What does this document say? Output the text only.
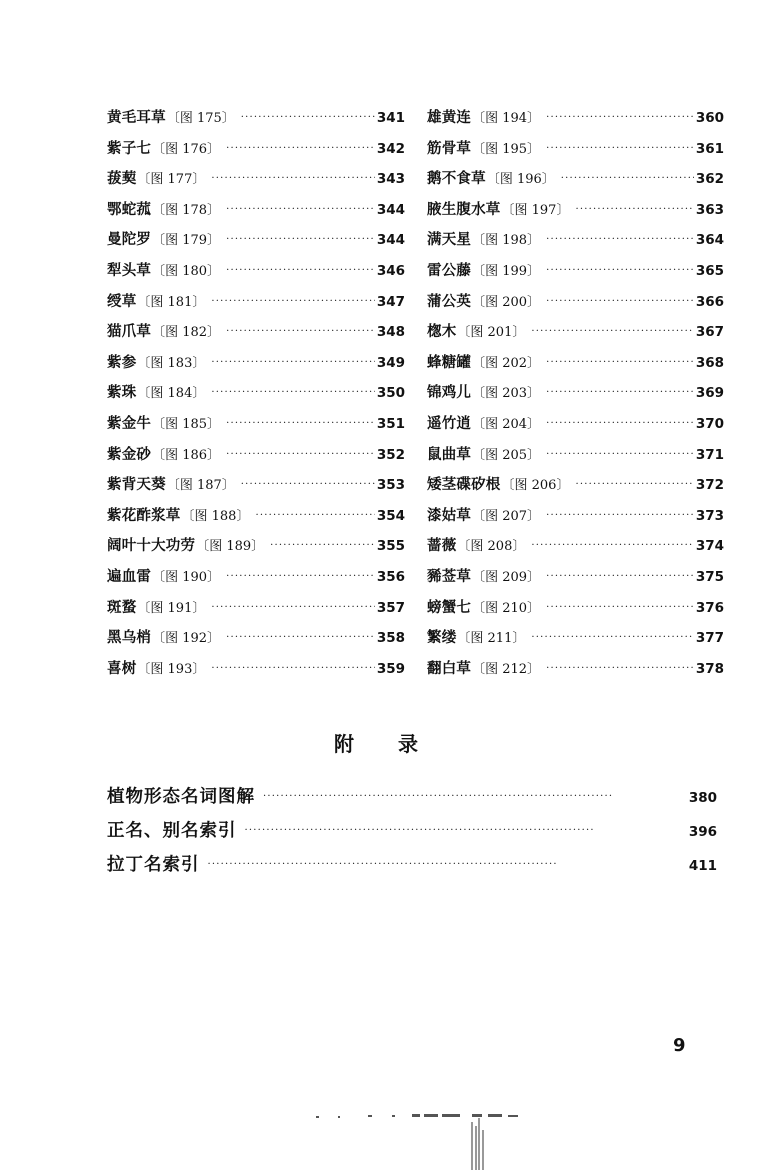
黄毛耳草 〔图 175〕 ·····	341
紫子七 〔图 176〕 ·····	342
菝葜 〔图 177〕 ·····	343
鄂蛇菰 〔图 178〕 ·····	344
曼陀罗 〔图 179〕 ·····	344
犁头草 〔图 180〕 ·····	346
绶草 〔图 181〕 ·····	347
猫爪草 〔图 182〕 ·····	348
紫参 〔图 183〕 ·····	349
紫珠 〔图 184〕 ·····	350
紫金牛 〔图 185〕 ·····	351
紫金砂 〔图 186〕 ·····	352
紫背天葵 〔图 187〕 ·····	353
紫花酢浆草 〔图 188〕 ·····	354
阔叶十大功劳 〔图 189〕 ·····	355
遍血雷 〔图 190〕 ·····	356
斑蝥 〔图 191〕 ·····	357
黑乌梢 〔图 192〕 ·····	358
喜树 〔图 193〕 ·····	359
雄黄连 〔图 194〕 ·····	360
筋骨草 〔图 195〕 ·····	361
鹅不食草 〔图 196〕 ·····	362
腋生腹水草 〔图 197〕 ·····	363
满天星 〔图 198〕 ·····	364
雷公藤 〔图 199〕 ·····	365
蒲公英 〔图 200〕 ·····	366
楤木 〔图 201〕 ·····	367
蜂糖罐 〔图 202〕 ·····	368
锦鸡儿 〔图 203〕 ·····	369
遥竹逍 〔图 204〕 ·····	370
鼠曲草 〔图 205〕 ·····	371
矮茎碟矽根 〔图 206〕 ·····	372
漆姑草 〔图 207〕 ·····	373
蔷薇 〔图 208〕 ·····	374
豨莶草 〔图 209〕 ·····	375
螃蟹七 〔图 210〕 ·····	376
繁缕 〔图 211〕 ·····	377
翻白草 〔图 212〕 ·····	378
附录
植物形态名词图解 ·····	380
正名、别名索引 ·····	396
拉丁名索引 ·····	411
9
